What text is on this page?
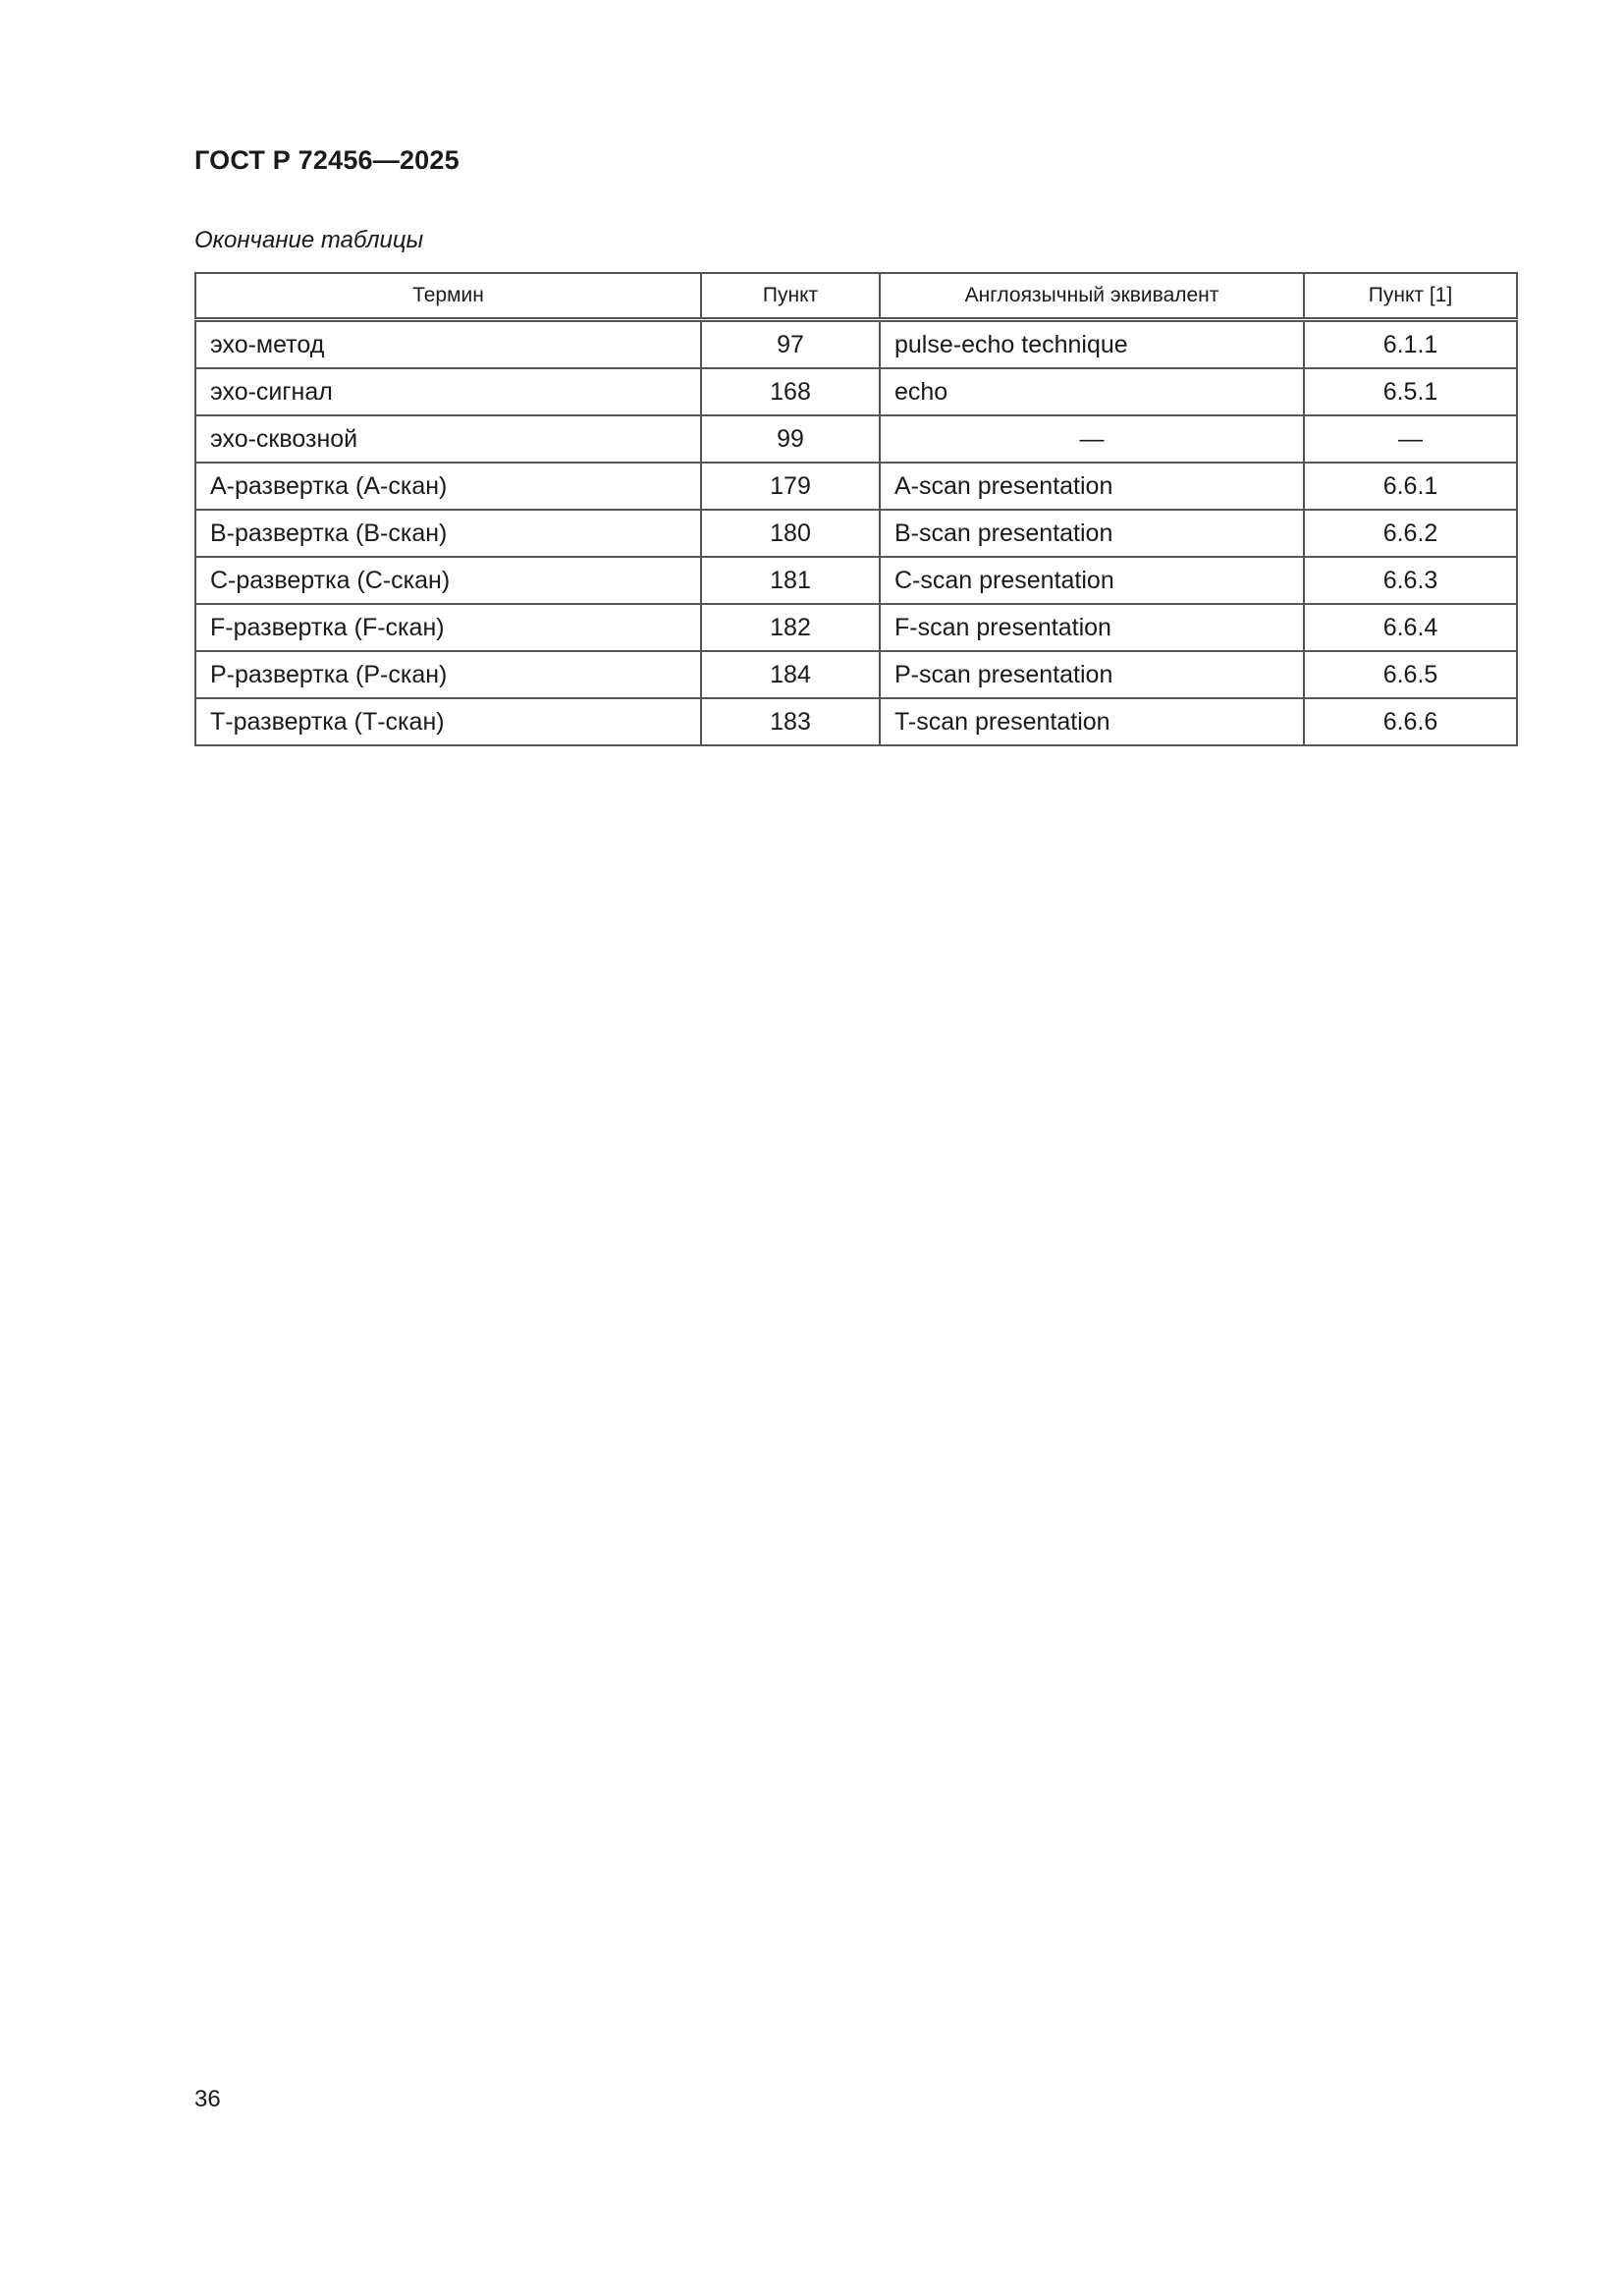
ГОСТ Р 72456—2025

Окончание таблицы

Термин	Пункт	Англоязычный эквивалент	Пункт [1]
эхо-метод	97	pulse-echo technique	6.1.1
эхо-сигнал	168	echo	6.5.1
эхо-сквозной	99	—	—
А-развертка (А-скан)	179	A-scan presentation	6.6.1
В-развертка (В-скан)	180	B-scan presentation	6.6.2
С-развертка (С-скан)	181	C-scan presentation	6.6.3
F-развертка (F-скан)	182	F-scan presentation	6.6.4
Р-развертка (Р-скан)	184	P-scan presentation	6.6.5
Т-развертка (Т-скан)	183	T-scan presentation	6.6.6

36
